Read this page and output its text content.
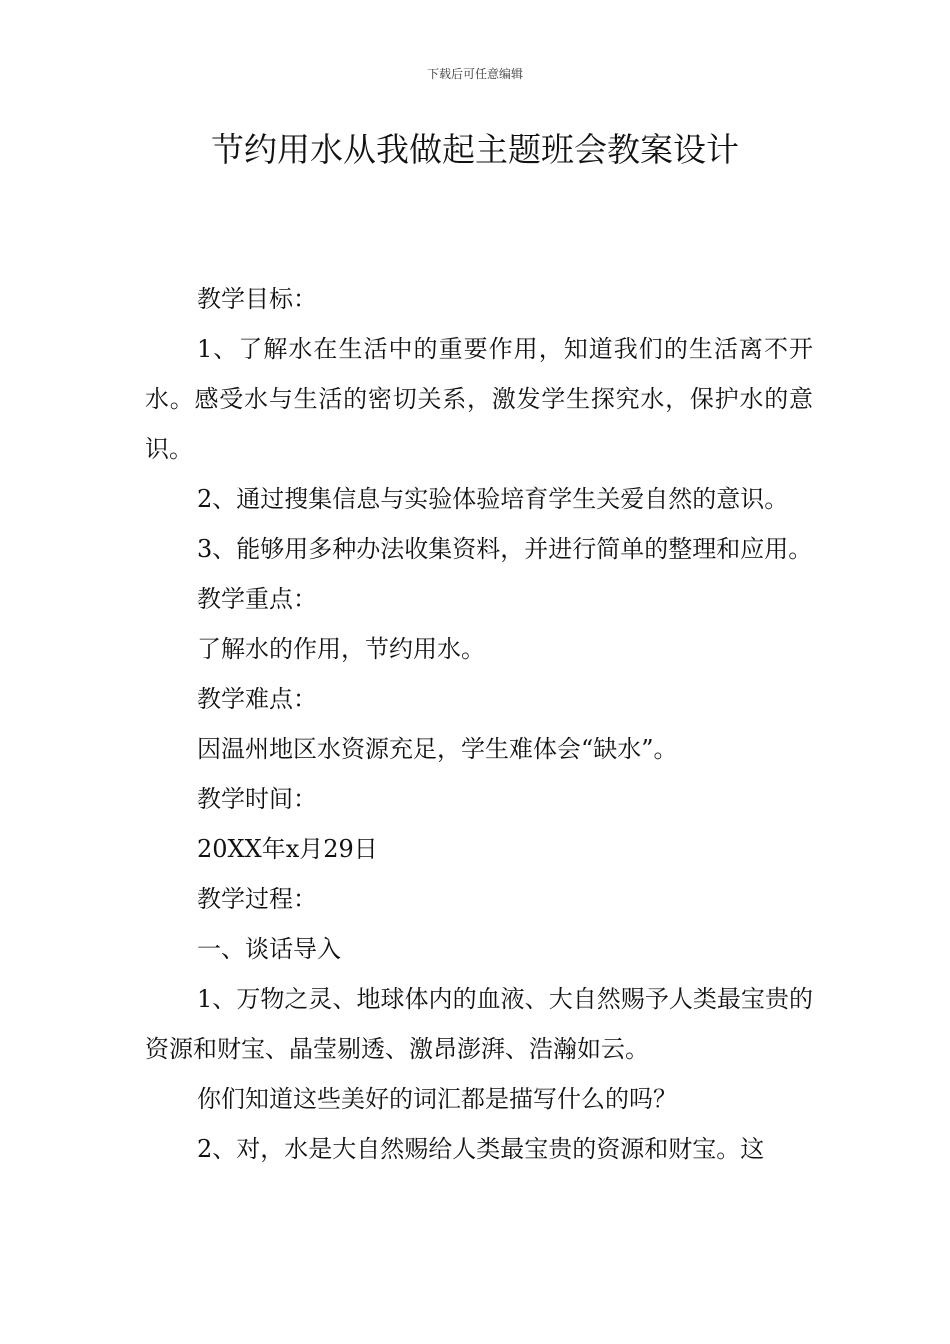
下载后可任意编辑
节约用水从我做起主题班会教案设计

教学目标：

1、了解水在生活中的重要作用，知道我们的生活离不开水。感受水与生活的密切关系，激发学生探究水，保护水的意识。

2、通过搜集信息与实验体验培育学生关爱自然的意识。

3、能够用多种办法收集资料，并进行简单的整理和应用。

教学重点：

了解水的作用，节约用水。

教学难点：

因温州地区水资源充足，学生难体会“缺水”。

教学时间：

20XX年x月29日

教学过程：

一、谈话导入

1、万物之灵、地球体内的血液、大自然赐予人类最宝贵的资源和财宝、晶莹剔透、激昂澎湃、浩瀚如云。

你们知道这些美好的词汇都是描写什么的吗？

2、对，水是大自然赐给人类最宝贵的资源和财宝。这
